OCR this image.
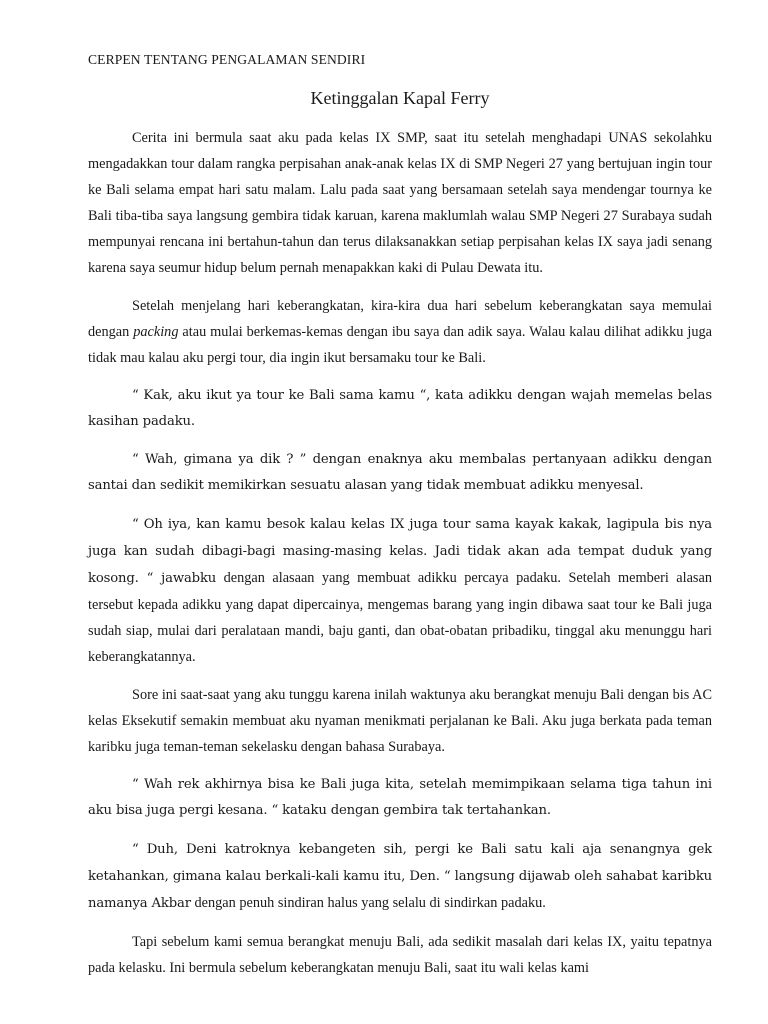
CERPEN TENTANG PENGALAMAN SENDIRI
Ketinggalan Kapal Ferry

Cerita ini bermula saat aku pada kelas IX SMP, saat itu setelah menghadapi UNAS sekolahku mengadakkan tour dalam rangka perpisahan anak-anak kelas IX di SMP Negeri 27 yang bertujuan ingin tour ke Bali selama empat hari satu malam. Lalu pada saat yang bersamaan setelah saya mendengar tournya ke Bali tiba-tiba saya langsung gembira tidak karuan, karena maklumlah walau SMP Negeri 27 Surabaya sudah mempunyai rencana ini bertahun-tahun dan terus dilaksanakkan setiap perpisahan kelas IX saya jadi senang karena saya seumur hidup belum pernah menapakkan kaki di Pulau Dewata itu.

Setelah menjelang hari keberangkatan, kira-kira dua hari sebelum keberangkatan saya memulai dengan packing atau mulai berkemas-kemas dengan ibu saya dan adik saya. Walau kalau dilihat adikku juga tidak mau kalau aku pergi tour, dia ingin ikut bersamaku tour ke Bali.

“ Kak, aku ikut ya tour ke Bali sama kamu “, kata adikku dengan wajah memelas belas kasihan padaku.

“ Wah, gimana ya dik ? ” dengan enaknya aku membalas pertanyaan adikku dengan santai dan sedikit memikirkan sesuatu alasan yang tidak membuat adikku menyesal.

“ Oh iya, kan kamu besok kalau kelas IX juga tour sama kayak kakak, lagipula bis nya juga kan sudah dibagi-bagi masing-masing kelas. Jadi tidak akan ada tempat duduk yang kosong. “ jawabku dengan alasaan yang membuat adikku percaya padaku. Setelah memberi alasan tersebut kepada adikku yang dapat dipercainya, mengemas barang yang ingin dibawa saat tour ke Bali juga sudah siap, mulai dari peralataan mandi, baju ganti, dan obat-obatan pribadiku, tinggal aku menunggu hari keberangkatannya.

Sore ini saat-saat yang aku tunggu karena inilah waktunya aku berangkat menuju Bali dengan bis AC kelas Eksekutif semakin membuat aku nyaman menikmati perjalanan ke Bali. Aku juga berkata pada teman karibku juga teman-teman sekelasku dengan bahasa Surabaya.

“ Wah rek akhirnya bisa ke Bali juga kita, setelah memimpikaan selama tiga tahun ini aku bisa juga pergi kesana. “ kataku dengan gembira tak tertahankan.

“ Duh, Deni katroknya kebangeten sih, pergi ke Bali satu kali aja senangnya gek ketahankan, gimana kalau berkali-kali kamu itu, Den. “ langsung dijawab oleh sahabat karibku namanya Akbar dengan penuh sindiran halus yang selalu di sindirkan padaku.

Tapi sebelum kami semua berangkat menuju Bali, ada sedikit masalah dari kelas IX, yaitu tepatnya pada kelasku. Ini bermula sebelum keberangkatan menuju Bali, saat itu wali kelas kami
